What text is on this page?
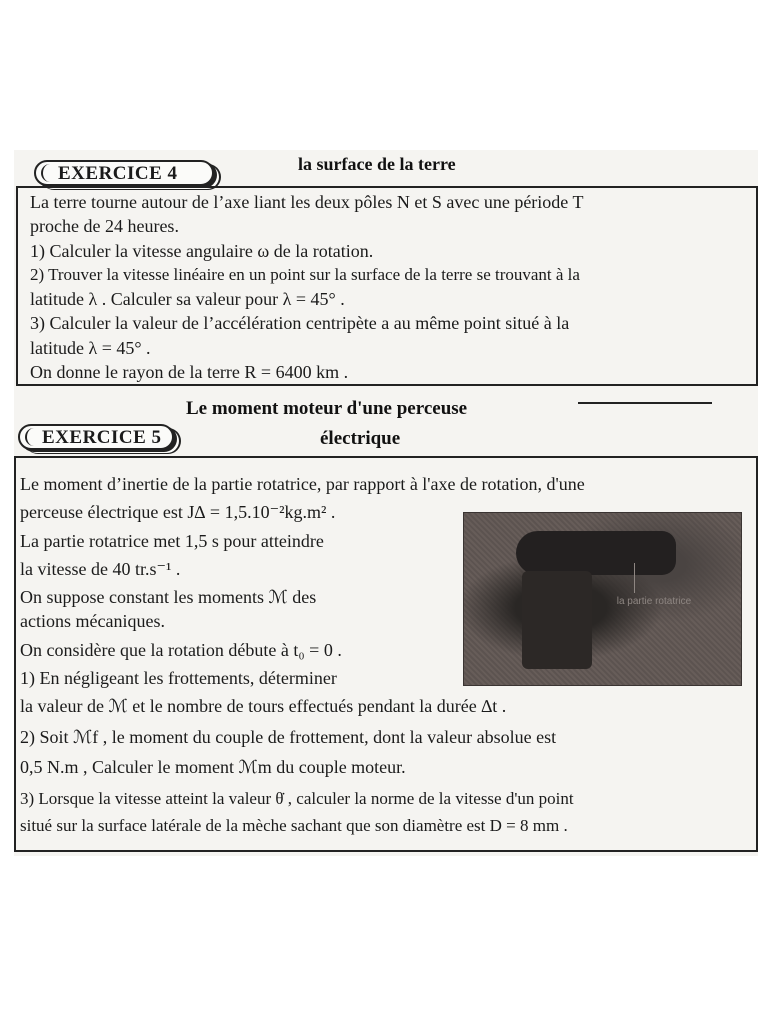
EXERCICE 4	la surface de la terre

La terre tourne autour de l’axe liant les deux pôles N et S avec une période T

proche de 24 heures.

1) Calculer la vitesse angulaire ω de la rotation.

2) Trouver la vitesse linéaire en un point sur la surface de la terre se trouvant à la

latitude λ . Calculer sa valeur pour λ = 45° .

3) Calculer la valeur de l’accélération centripète a au même point situé à la

latitude λ = 45° .

On donne le rayon de la terre R = 6400 km .

Le moment moteur d'une perceuse
électrique
EXERCICE 5

Le moment d’inertie de la partie rotatrice, par rapport à l'axe de rotation, d'une

perceuse électrique est J∆ = 1,5.10⁻²kg.m² .

La partie rotatrice met 1,5 s pour atteindre

la vitesse de 40 tr.s⁻¹ .

On suppose constant les moments ℳ des

actions mécaniques.

On considère que la rotation débute à t₀ = 0 .

1) En négligeant les frottements, déterminer

la valeur de ℳ et le nombre de tours effectués pendant la durée ∆t .

2) Soit ℳf , le moment du couple de frottement, dont la valeur absolue est

0,5 N.m , Calculer le moment ℳm du couple moteur.

3) Lorsque la vitesse atteint la valeur θ̇ , calculer la norme de la vitesse d'un point

situé sur la surface latérale de la mèche sachant que son diamètre est D = 8 mm .

la partie rotatrice
